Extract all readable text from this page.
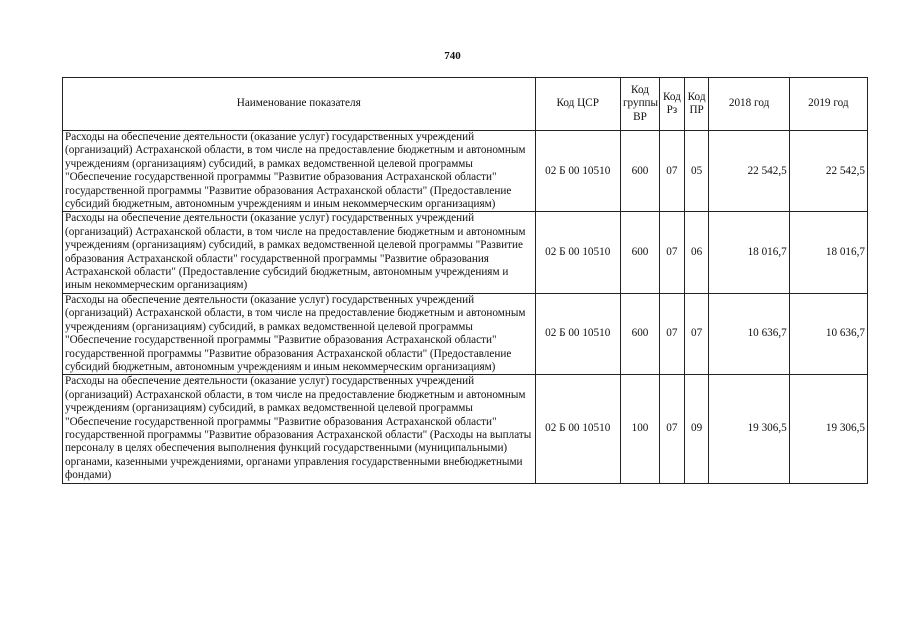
740
Наименование показателя	Код ЦСР	Код группы ВР	Код Рз	Код ПР	2018 год	2019 год
Расходы на обеспечение деятельности (оказание услуг) государственных учреждений (организаций) Астраханской области, в том числе на предоставление бюджетным и автономным учреждениям (организациям) субсидий, в рамках ведомственной целевой программы "Обеспечение государственной программы "Развитие образования Астраханской области" государственной программы "Развитие образования Астраханской области" (Предоставление субсидий бюджетным, автономным учреждениям и иным некоммерческим организациям)	02 Б 00 10510	600	07	05	22 542,5	22 542,5
Расходы на обеспечение деятельности (оказание услуг) государственных учреждений (организаций) Астраханской области, в том числе на предоставление бюджетным и автономным учреждениям (организациям) субсидий, в рамках ведомственной целевой программы "Развитие образования Астраханской области" государственной программы "Развитие образования Астраханской области" (Предоставление субсидий бюджетным, автономным учреждениям и иным некоммерческим организациям)	02 Б 00 10510	600	07	06	18 016,7	18 016,7
Расходы на обеспечение деятельности (оказание услуг) государственных учреждений (организаций) Астраханской области, в том числе на предоставление бюджетным и автономным учреждениям (организациям) субсидий, в рамках ведомственной целевой программы "Обеспечение государственной программы "Развитие образования Астраханской области" государственной программы "Развитие образования Астраханской области" (Предоставление субсидий бюджетным, автономным учреждениям и иным некоммерческим организациям)	02 Б 00 10510	600	07	07	10 636,7	10 636,7
Расходы на обеспечение деятельности (оказание услуг) государственных учреждений (организаций) Астраханской области, в том числе на предоставление бюджетным и автономным учреждениям (организациям) субсидий, в рамках ведомственной целевой программы "Обеспечение государственной программы "Развитие образования Астраханской области" государственной программы "Развитие образования Астраханской области" (Расходы на выплаты персоналу в целях обеспечения выполнения функций государственными (муниципальными) органами, казенными учреждениями, органами управления государственными внебюджетными фондами)	02 Б 00 10510	100	07	09	19 306,5	19 306,5
